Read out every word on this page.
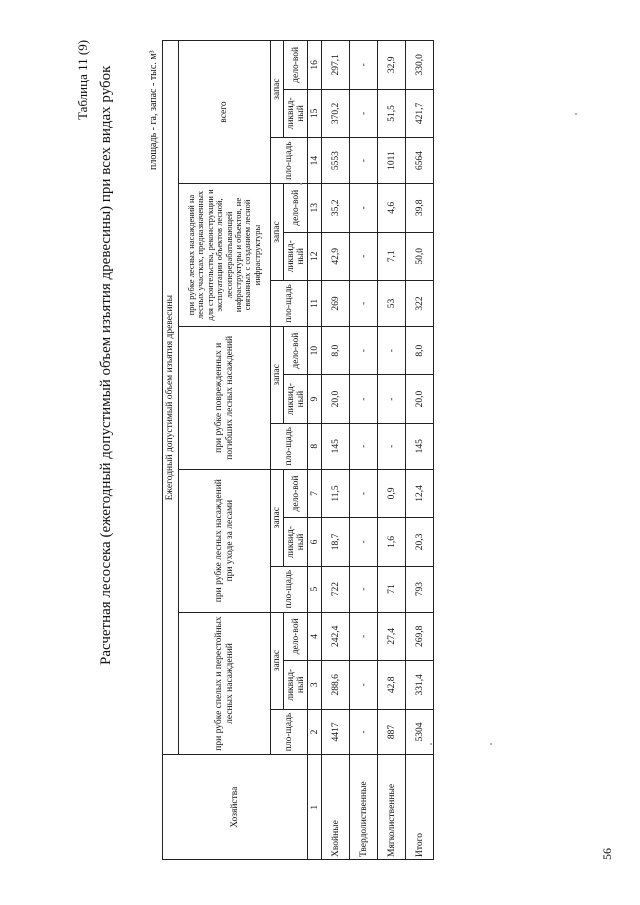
Таблица 11 (9) Расчетная лесосека (ежегодный допустимый объем изъятия древесины) при всех видах рубок	площадь - га, запас - тыс. м³
56
Хозяйства	Ежегодный допустимый объем изъятия древесины														
	при рубке спелых и перестойных лесных насаждений			при рубке лесных насаждений при уходе за лесами			при рубке поврежденных и погибших лесных насаждений			при рубке лесных насаждений на лесных участках, предназначенных для строительства, реконструкции и эксплуатации объектов лесной, лесоперерабатывающей инфраструктуры и объектов, не связанных с созданием лесной инфраструктуры			всего		
	пло-щадь	запас		пло-щадь	запас		пло-щадь	запас		пло-щадь	запас		пло-щадь	запас	
		ликвид-ный	дело-вой		ликвид-ный	дело-вой		ликвид-ный	дело-вой		ликвид-ный	дело-вой		ликвид-ный	дело-вой
1	2	3	4	5	6	7	8	9	10	11	12	13	14	15	16
Хвойные	4417	288,6	242,4	722	18,7	11,5	145	20,0	8,0	269	42,9	35,2	5553	370,2	297,1
Твердолиственные	-	-	-	-	-	-	-	-	-	-	-	-	-	-	-
Мягколиственные	887	42,8	27,4	71	1,6	0,9	-	-	-	53	7,1	4,6	1011	51,5	32,9
Итого	5304	331,4	269,8	793	20,3	12,4	145	20,0	8,0	322	50,0	39,8	6564	421,7	330,0
